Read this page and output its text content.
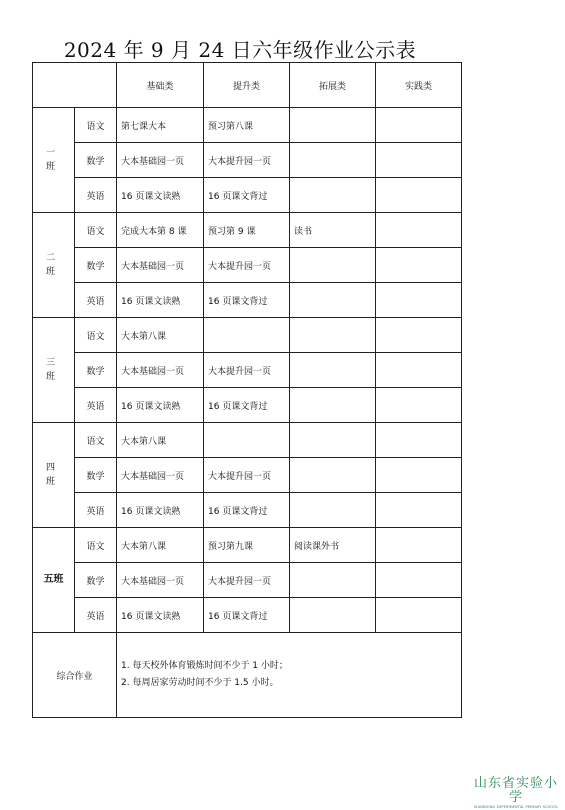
2024 年 9 月 24 日六年级作业公示表
		基础类	提升类	拓展类	实践类
一班	语文	第七课大本	预习第八课		
	数学	大本基础园一页	大本提升园一页		
	英语	16 页课文读熟	16 页课文背过		
二班	语文	完成大本第 8 课	预习第 9 课	读书	
	数学	大本基础园一页	大本提升园一页		
	英语	16 页课文读熟	16 页课文背过		
三班	语文	大本第八课			
	数学	大本基础园一页	大本提升园一页		
	英语	16 页课文读熟	16 页课文背过		
四班	语文	大本第八课			
	数学	大本基础园一页	大本提升园一页		
	英语	16 页课文读熟	16 页课文背过		
五班	语文	大本第八课	预习第九课	阅读课外书	
	数学	大本基础园一页	大本提升园一页		
	英语	16 页课文读熟	16 页课文背过		
综合作业		1. 每天校外体育锻炼时间不少于 1 小时；
2. 每周居家劳动时间不少于 1.5 小时。			
山东省实验小学
SHANDONG EXPERIMENTAL PRIMARY SCHOOL
